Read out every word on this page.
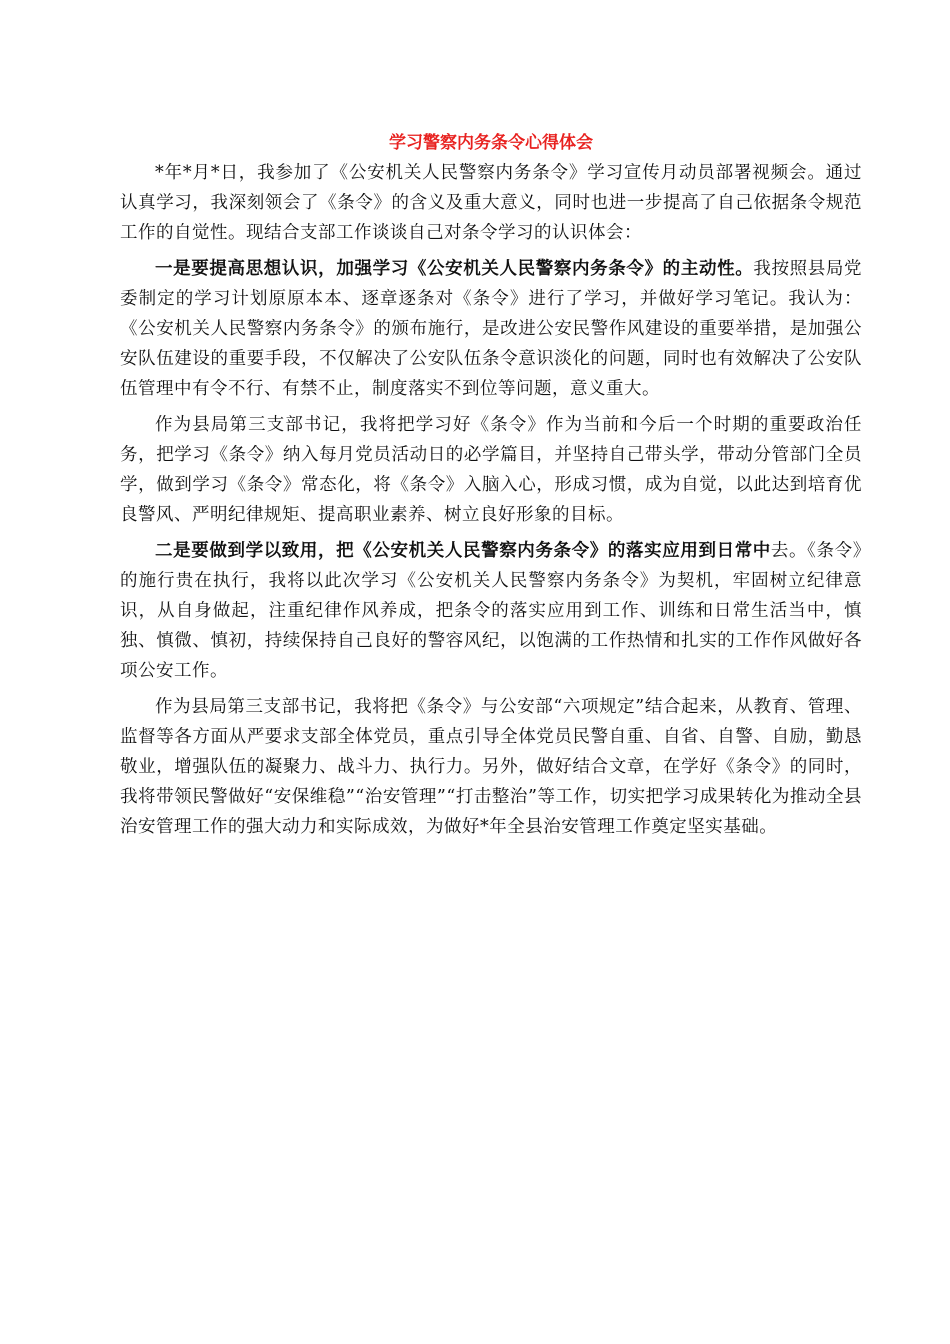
学习警察内务条令心得体会

*年*月*日，我参加了《公安机关人民警察内务条令》学习宣传月动员部署视频会。通过认真学习，我深刻领会了《条令》的含义及重大意义，同时也进一步提高了自己依据条令规范工作的自觉性。现结合支部工作谈谈自己对条令学习的认识体会：

一是要提高思想认识，加强学习《公安机关人民警察内务条令》的主动性。我按照县局党委制定的学习计划原原本本、逐章逐条对《条令》进行了学习，并做好学习笔记。我认为：《公安机关人民警察内务条令》的颁布施行，是改进公安民警作风建设的重要举措，是加强公安队伍建设的重要手段，不仅解决了公安队伍条令意识淡化的问题，同时也有效解决了公安队伍管理中有令不行、有禁不止，制度落实不到位等问题，意义重大。

作为县局第三支部书记，我将把学习好《条令》作为当前和今后一个时期的重要政治任务，把学习《条令》纳入每月党员活动日的必学篇目，并坚持自己带头学，带动分管部门全员学，做到学习《条令》常态化，将《条令》入脑入心，形成习惯，成为自觉，以此达到培育优良警风、严明纪律规矩、提高职业素养、树立良好形象的目标。

二是要做到学以致用，把《公安机关人民警察内务条令》的落实应用到日常中去。《条令》的施行贵在执行，我将以此次学习《公安机关人民警察内务条令》为契机，牢固树立纪律意识，从自身做起，注重纪律作风养成，把条令的落实应用到工作、训练和日常生活当中，慎独、慎微、慎初，持续保持自己良好的警容风纪，以饱满的工作热情和扎实的工作作风做好各项公安工作。

作为县局第三支部书记，我将把《条令》与公安部“六项规定”结合起来，从教育、管理、监督等各方面从严要求支部全体党员，重点引导全体党员民警自重、自省、自警、自励，勤恳敬业，增强队伍的凝聚力、战斗力、执行力。另外，做好结合文章，在学好《条令》的同时，我将带领民警做好“安保维稳”“治安管理”“打击整治”等工作，切实把学习成果转化为推动全县治安管理工作的强大动力和实际成效，为做好*年全县治安管理工作奠定坚实基础。
